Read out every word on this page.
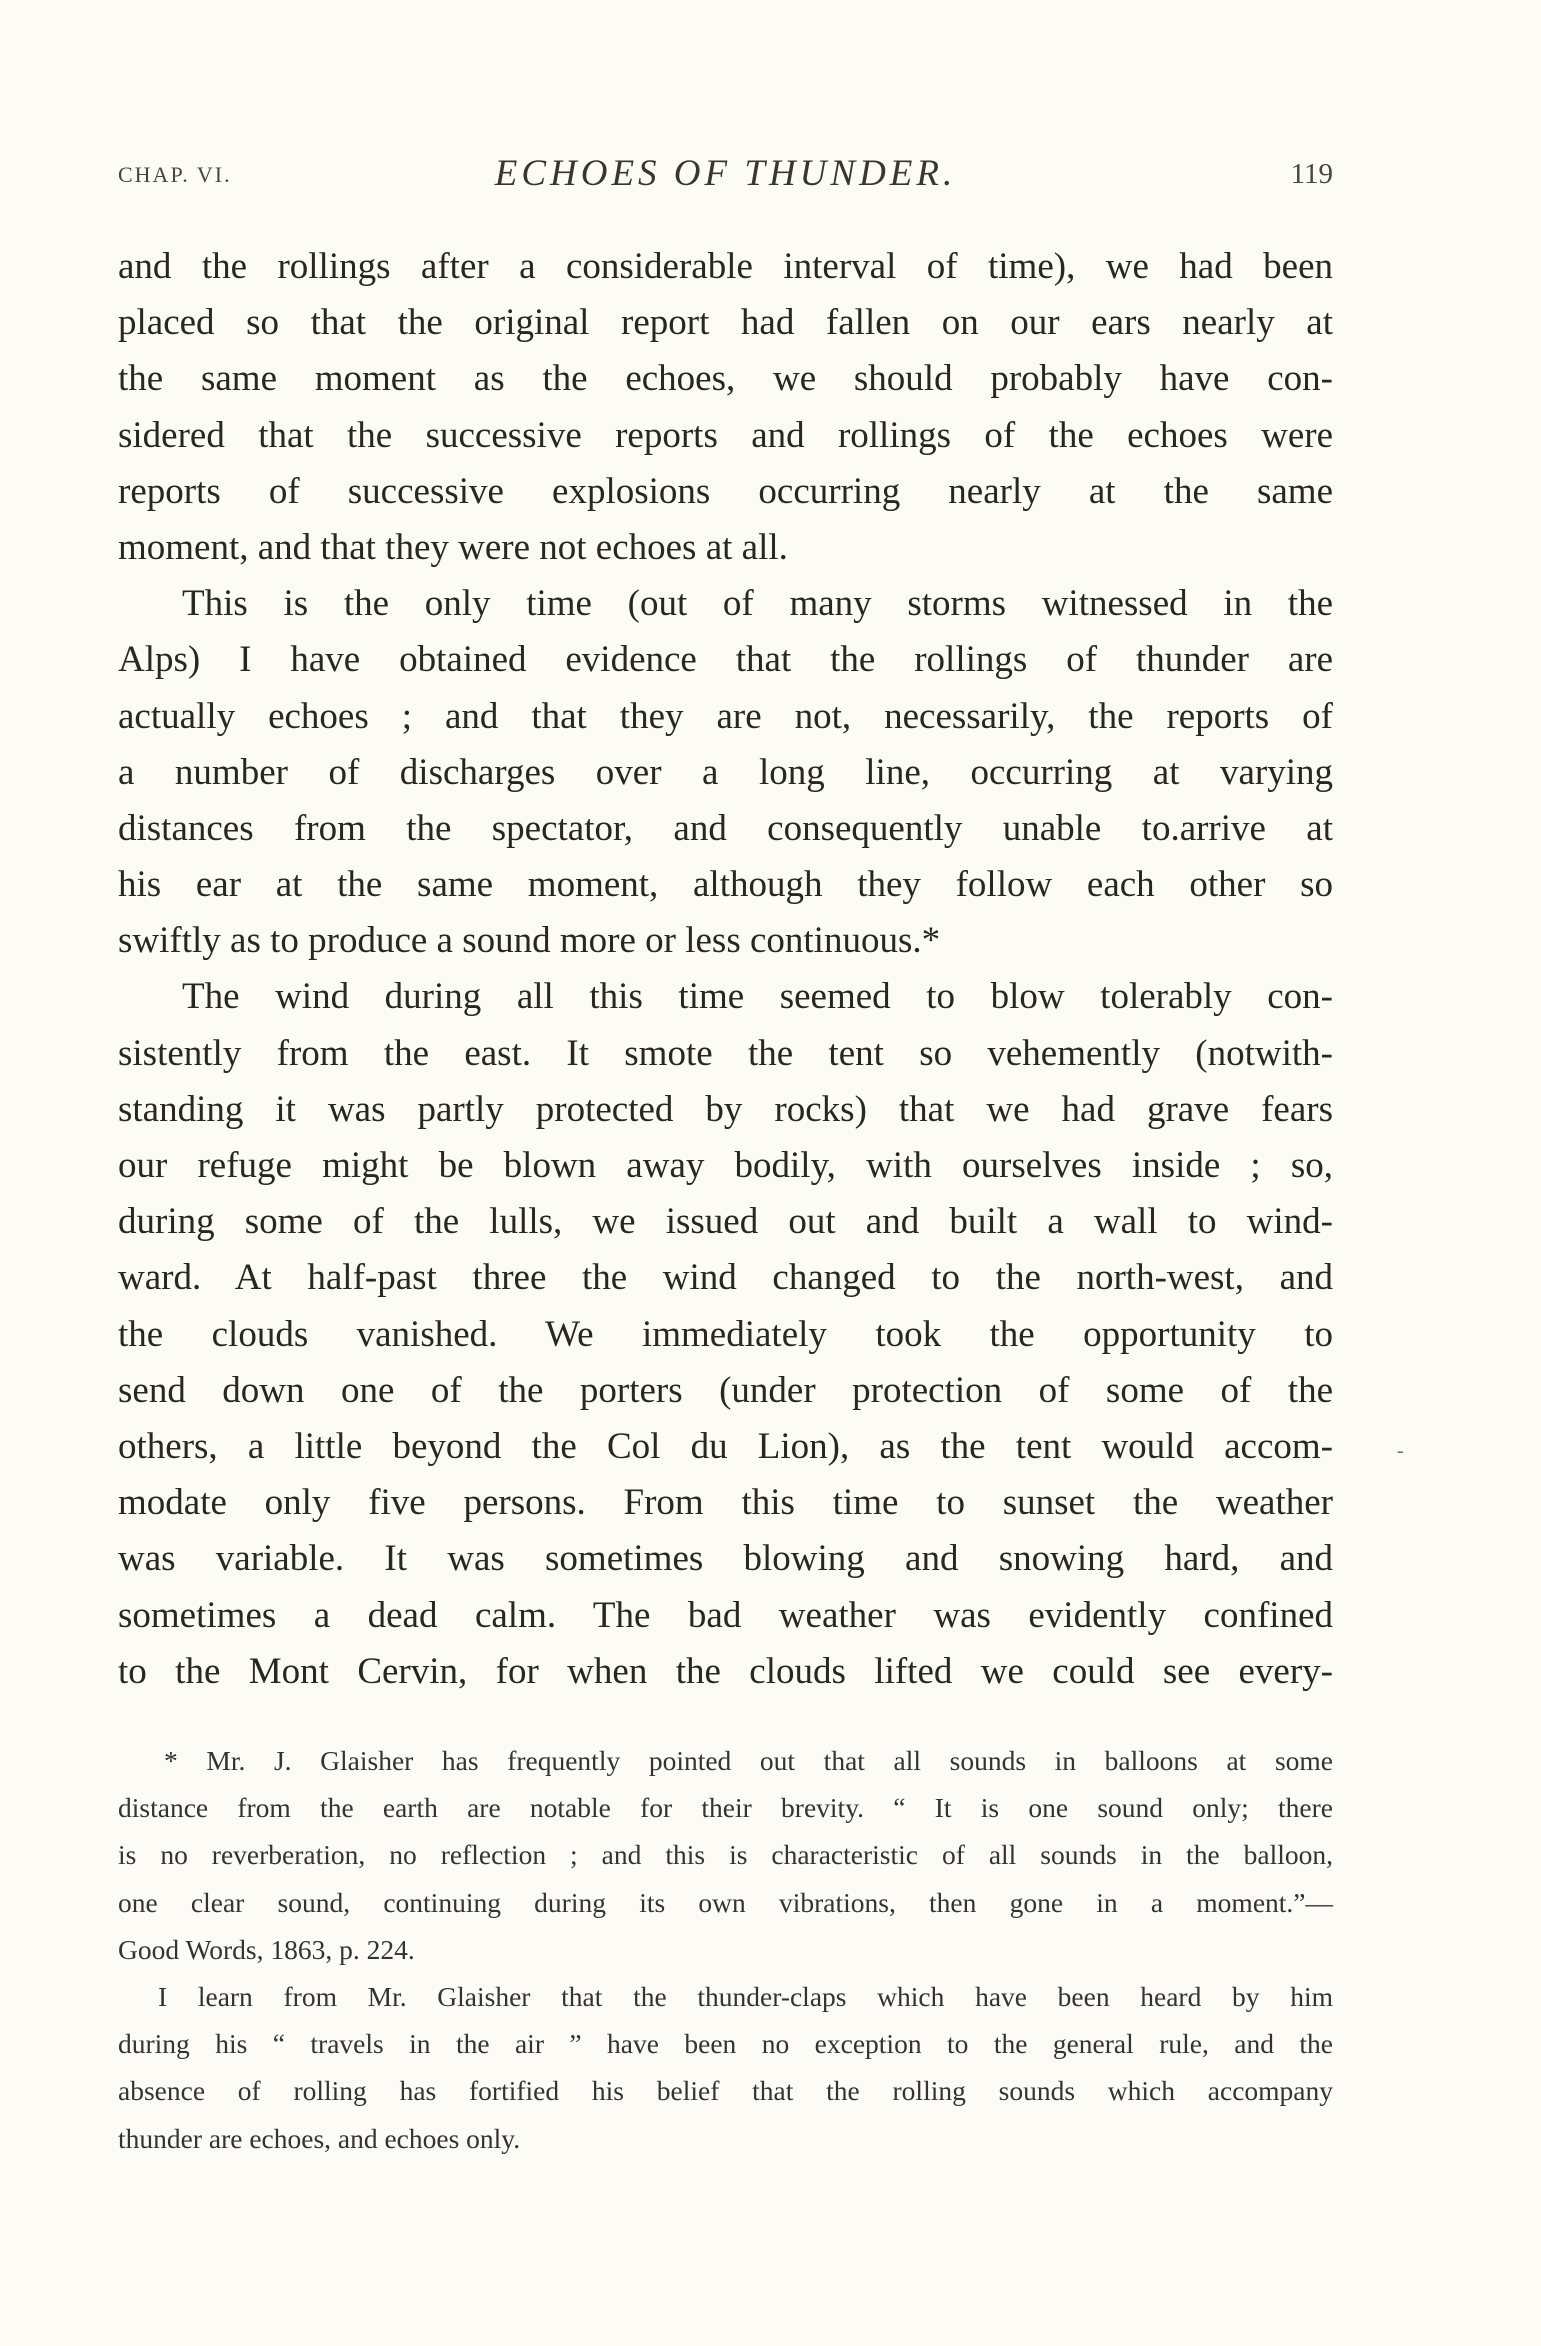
CHAP. VI.	ECHOES OF THUNDER.	119
and the rollings after a considerable interval of time), we had been
placed so that the original report had fallen on our ears nearly at
the same moment as the echoes, we should probably have con-
sidered that the successive reports and rollings of the echoes were
reports of successive explosions occurring nearly at the same
moment, and that they were not echoes at all.
This is the only time (out of many storms witnessed in the
Alps) I have obtained evidence that the rollings of thunder are
actually echoes ; and that they are not, necessarily, the reports of
a number of discharges over a long line, occurring at varying
distances from the spectator, and consequently unable to.arrive at
his ear at the same moment, although they follow each other so
swiftly as to produce a sound more or less continuous.*
The wind during all this time seemed to blow tolerably con-
sistently from the east. It smote the tent so vehemently (notwith-
standing it was partly protected by rocks) that we had grave fears
our refuge might be blown away bodily, with ourselves inside ; so,
during some of the lulls, we issued out and built a wall to wind-
ward. At half-past three the wind changed to the north-west, and
the clouds vanished. We immediately took the opportunity to
send down one of the porters (under protection of some of the
others, a little beyond the Col du Lion), as the tent would accom-
modate only five persons. From this time to sunset the weather
was variable. It was sometimes blowing and snowing hard, and
sometimes a dead calm. The bad weather was evidently confined
to the Mont Cervin, for when the clouds lifted we could see every-
-
* Mr. J. Glaisher has frequently pointed out that all sounds in balloons at some
distance from the earth are notable for their brevity. “ It is one sound only; there
is no reverberation, no reflection ; and this is characteristic of all sounds in the balloon,
one clear sound, continuing during its own vibrations, then gone in a moment.”—
Good Words, 1863, p. 224.
I learn from Mr. Glaisher that the thunder-claps which have been heard by him
during his “ travels in the air ” have been no exception to the general rule, and the
absence of rolling has fortified his belief that the rolling sounds which accompany
thunder are echoes, and echoes only.
